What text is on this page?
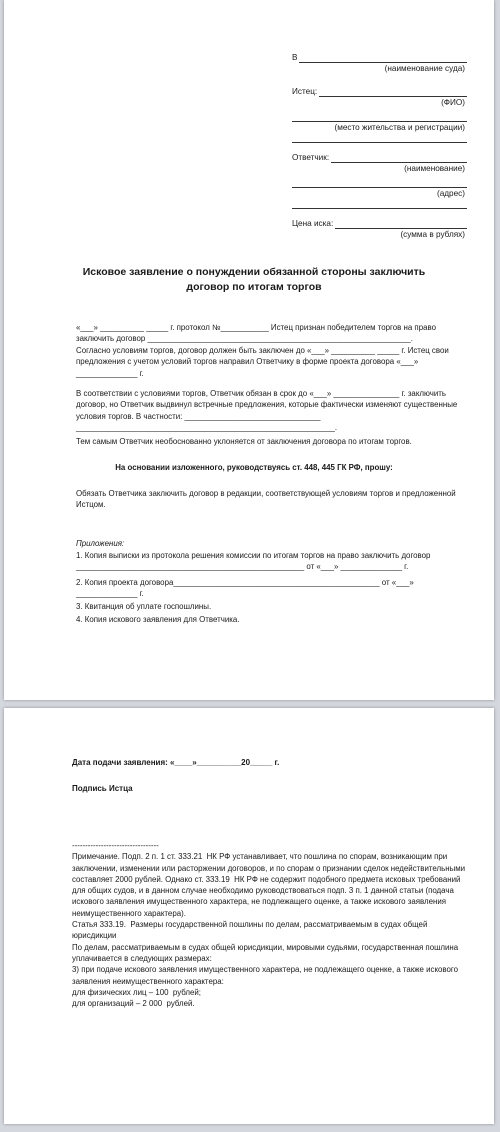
В
(наименование суда)
Истец:
(ФИО)
(место жительства и регистрации)
Ответчик:
(наименование)
(адрес)
Цена иска:
(сумма в рублях)
Исковое заявление о понуждении обязанной стороны заключить договор по итогам торгов
«___» __________ _____ г. протокол №___________ Истец признан победителем торгов на право заключить договор ____________________________________________________________.
Согласно условиям торгов, договор должен быть заключен до «___» __________ _____ г. Истец свои предложения с учетом условий торгов направил Ответчику в форме проекта договора «___» ______________ г.
В соответствии с условиями торгов, Ответчик обязан в срок до «___» _______________ г. заключить договор, но Ответчик выдвинул встречные предложения, которые фактически изменяют существенные условия торгов. В частности: _______________________________ ___________________________________________________________.
Тем самым Ответчик необоснованно уклоняется от заключения договора по итогам торгов.
На основании изложенного, руководствуясь ст. 448, 445 ГК РФ, прошу:
Обязать Ответчика заключить договор в редакции, соответствующей условиям торгов и предложенной Истцом.
Приложения:
1. Копия выписки из протокола решения комиссии по итогам торгов на право заключить договор ____________________________________________________ от «___» ______________ г.
2. Копия проекта договора_______________________________________________ от «___» ______________ г.
3. Квитанция об уплате госпошлины.
4. Копия искового заявления для Ответчика.
Дата подачи заявления: «____»__________20_____ г.
Подпись Истца
---------------------------------
Примечание. Подп. 2 п. 1 ст. 333.21  НК РФ устанавливает, что пошлина по спорам, возникающим при заключении, изменении или расторжении договоров, и по спорам о признании сделок недействительными составляет 2000 рублей. Однако ст. 333.19  НК РФ не содержит подобного предмета исковых требований для общих судов, и в данном случае необходимо руководствоваться подп. 3 п. 1 данной статьи (подача искового заявления имущественного характера, не подлежащего оценке, а также искового заявления неимущественного характера).
Статья 333.19.  Размеры государственной пошлины по делам, рассматриваемым в судах общей юрисдикции
По делам, рассматриваемым в судах общей юрисдикции, мировыми судьями, государственная пошлина уплачивается в следующих размерах:
3) при подаче искового заявления имущественного характера, не подлежащего оценке, а также искового заявления неимущественного характера:
для физических лиц – 100  рублей;
для организаций – 2 000  рублей.
